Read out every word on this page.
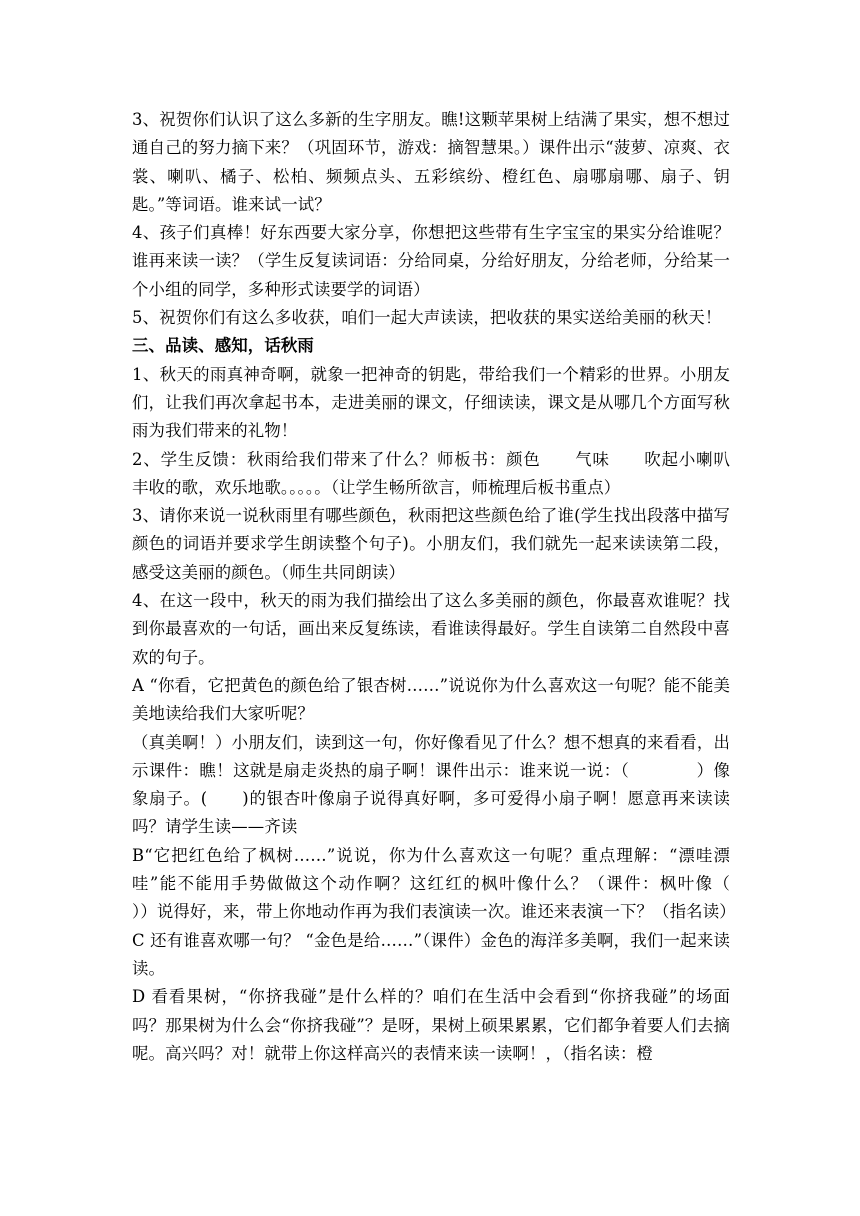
3、祝贺你们认识了这么多新的生字朋友。瞧!这颗苹果树上结满了果实，想不想过通自己的努力摘下来？（巩固环节，游戏：摘智慧果。）课件出示“菠萝、凉爽、衣裳、喇叭、橘子、松柏、频频点头、五彩缤纷、橙红色、扇哪扇哪、扇子、钥匙。”等词语。谁来试一试？

4、孩子们真棒！好东西要大家分享，你想把这些带有生字宝宝的果实分给谁呢？谁再来读一读？（学生反复读词语：分给同桌，分给好朋友，分给老师，分给某一个小组的同学，多种形式读要学的词语）

5、祝贺你们有这么多收获，咱们一起大声读读，把收获的果实送给美丽的秋天！

三、品读、感知，话秋雨

1、秋天的雨真神奇啊，就象一把神奇的钥匙，带给我们一个精彩的世界。小朋友们，让我们再次拿起书本，走进美丽的课文，仔细读读，课文是从哪几个方面写秋雨为我们带来的礼物！

2、学生反馈：秋雨给我们带来了什么？师板书：颜色　　气味　　吹起小喇叭　 丰收的歌，欢乐地歌。。。。。（让学生畅所欲言，师梳理后板书重点）

3、请你来说一说秋雨里有哪些颜色，秋雨把这些颜色给了谁(学生找出段落中描写颜色的词语并要求学生朗读整个句子)。小朋友们，我们就先一起来读读第二段，感受这美丽的颜色。（师生共同朗读）

4、在这一段中，秋天的雨为我们描绘出了这么多美丽的颜色，你最喜欢谁呢？找到你最喜欢的一句话，画出来反复练读，看谁读得最好。学生自读第二自然段中喜欢的句子。

A “你看，它把黄色的颜色给了银杏树……”说说你为什么喜欢这一句呢？能不能美美地读给我们大家听呢？

（真美啊！）小朋友们，读到这一句，你好像看见了什么？想不想真的来看看，出示课件：瞧！这就是扇走炎热的扇子啊！课件出示：谁来说一说：（　　　　）像象扇子。(　　)的银杏叶像扇子说得真好啊，多可爱得小扇子啊！愿意再来读读吗？请学生读——齐读

B“它把红色给了枫树……”说说，你为什么喜欢这一句呢？重点理解：“漂哇漂哇”能不能用手势做做这个动作啊？这红红的枫叶像什么？（课件：枫叶像（　　））说得好，来，带上你地动作再为我们表演读一次。谁还来表演一下？（指名读）

C 还有谁喜欢哪一句？ “金色是给……”（课件）金色的海洋多美啊，我们一起来读读。

D 看看果树，“你挤我碰”是什么样的？咱们在生活中会看到“你挤我碰”的场面吗？那果树为什么会“你挤我碰”？是呀，果树上硕果累累，它们都争着要人们去摘呢。高兴吗？对！就带上你这样高兴的表情来读一读啊！，（指名读：橙
